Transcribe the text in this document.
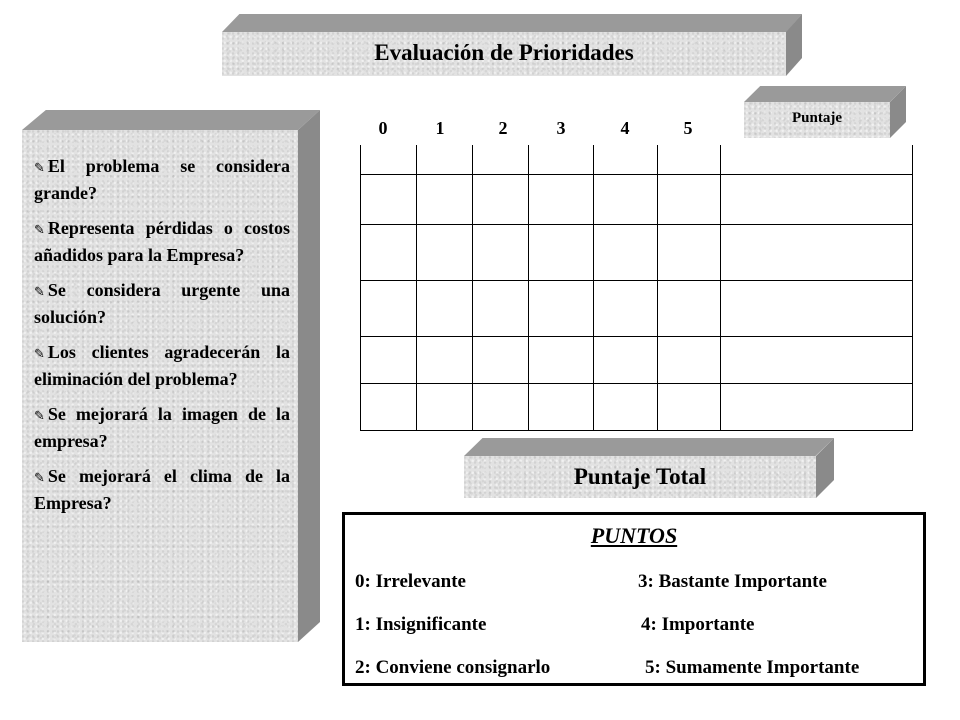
Evaluación de Prioridades
Puntaje
✎ El problema se considera grande?
✎ Representa pérdidas o costos añadidos para la Empresa?
✎ Se considera urgente una solución?
✎ Los clientes agradecerán la eliminación del problema?
✎ Se mejorará la imagen de la empresa?
✎ Se mejorará el clima de la Empresa?
0	1	2	3	4	5
Puntaje Total
PUNTOS
0: Irrelevante
1: Insignificante
2: Conviene consignarlo
3: Bastante Importante
4: Importante
5: Sumamente Importante
